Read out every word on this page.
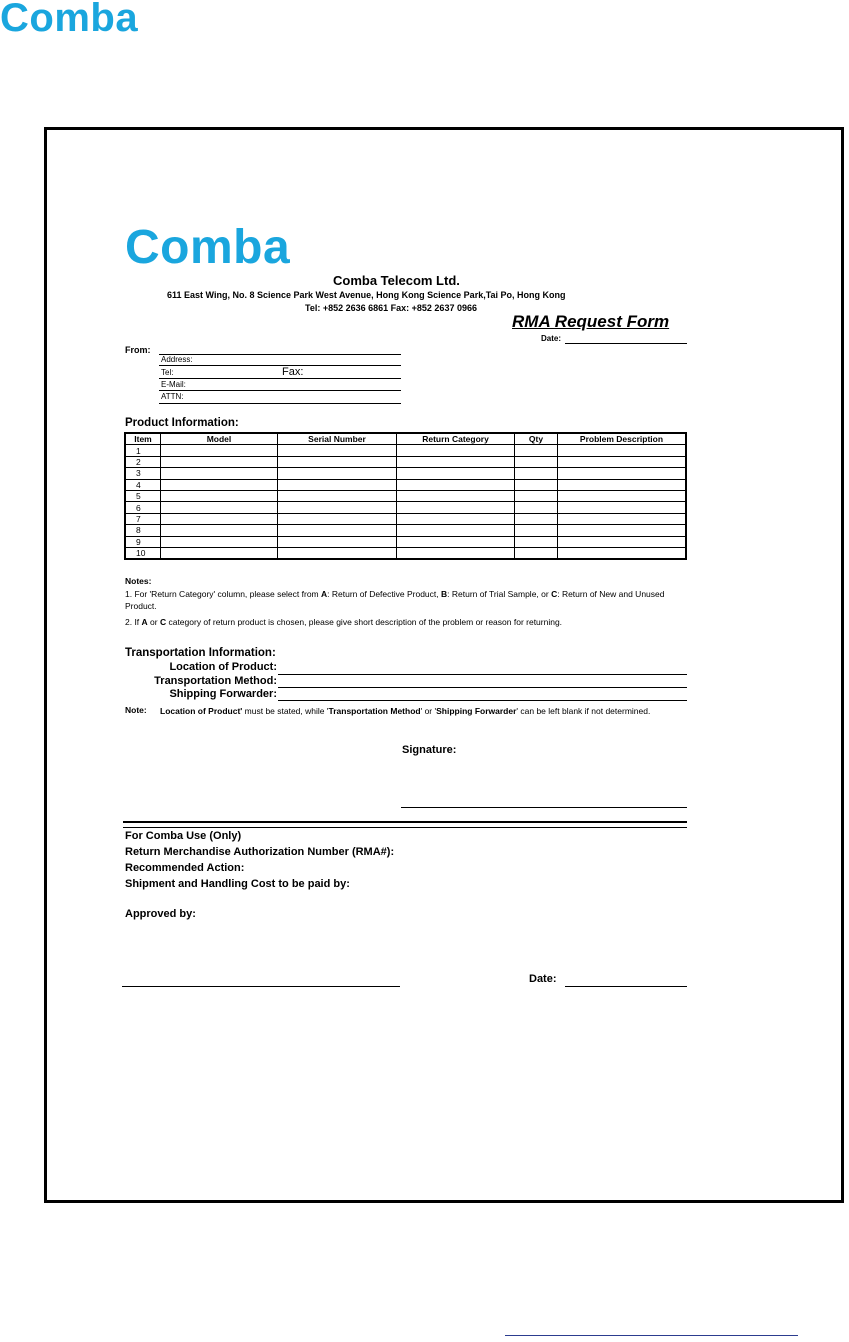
Comba
Comba
Comba Telecom Ltd.
611 East Wing, No. 8 Science Park West Avenue, Hong Kong Science Park,Tai Po, Hong Kong
Tel: +852 2636 6861 Fax: +852 2637 0966
RMA Request Form
Date:
From:
Address:
Tel:	Fax:
E-Mail:
ATTN:
Product Information:
Item	Model	Serial Number	Return Category	Qty	Problem Description
1					
2					
3					
4					
5					
6					
7					
8					
9					
10					
Notes:
1. For 'Return Category' column, please select from A: Return of Defective Product, B: Return of Trial Sample, or C: Return of New and Unused Product.
2. If A or C category of return product is chosen, please give short description of the problem or reason for returning.
Transportation Information:
Location of Product:
Transportation Method:
Shipping Forwarder:
Note: Location of Product' must be stated, while 'Transportation Method' or 'Shipping Forwarder' can be left blank if not determined.
Signature:
For Comba Use (Only)
Return Merchandise Authorization Number (RMA#):
Recommended Action:
Shipment and Handling Cost to be paid by:
Approved by:
Date:
